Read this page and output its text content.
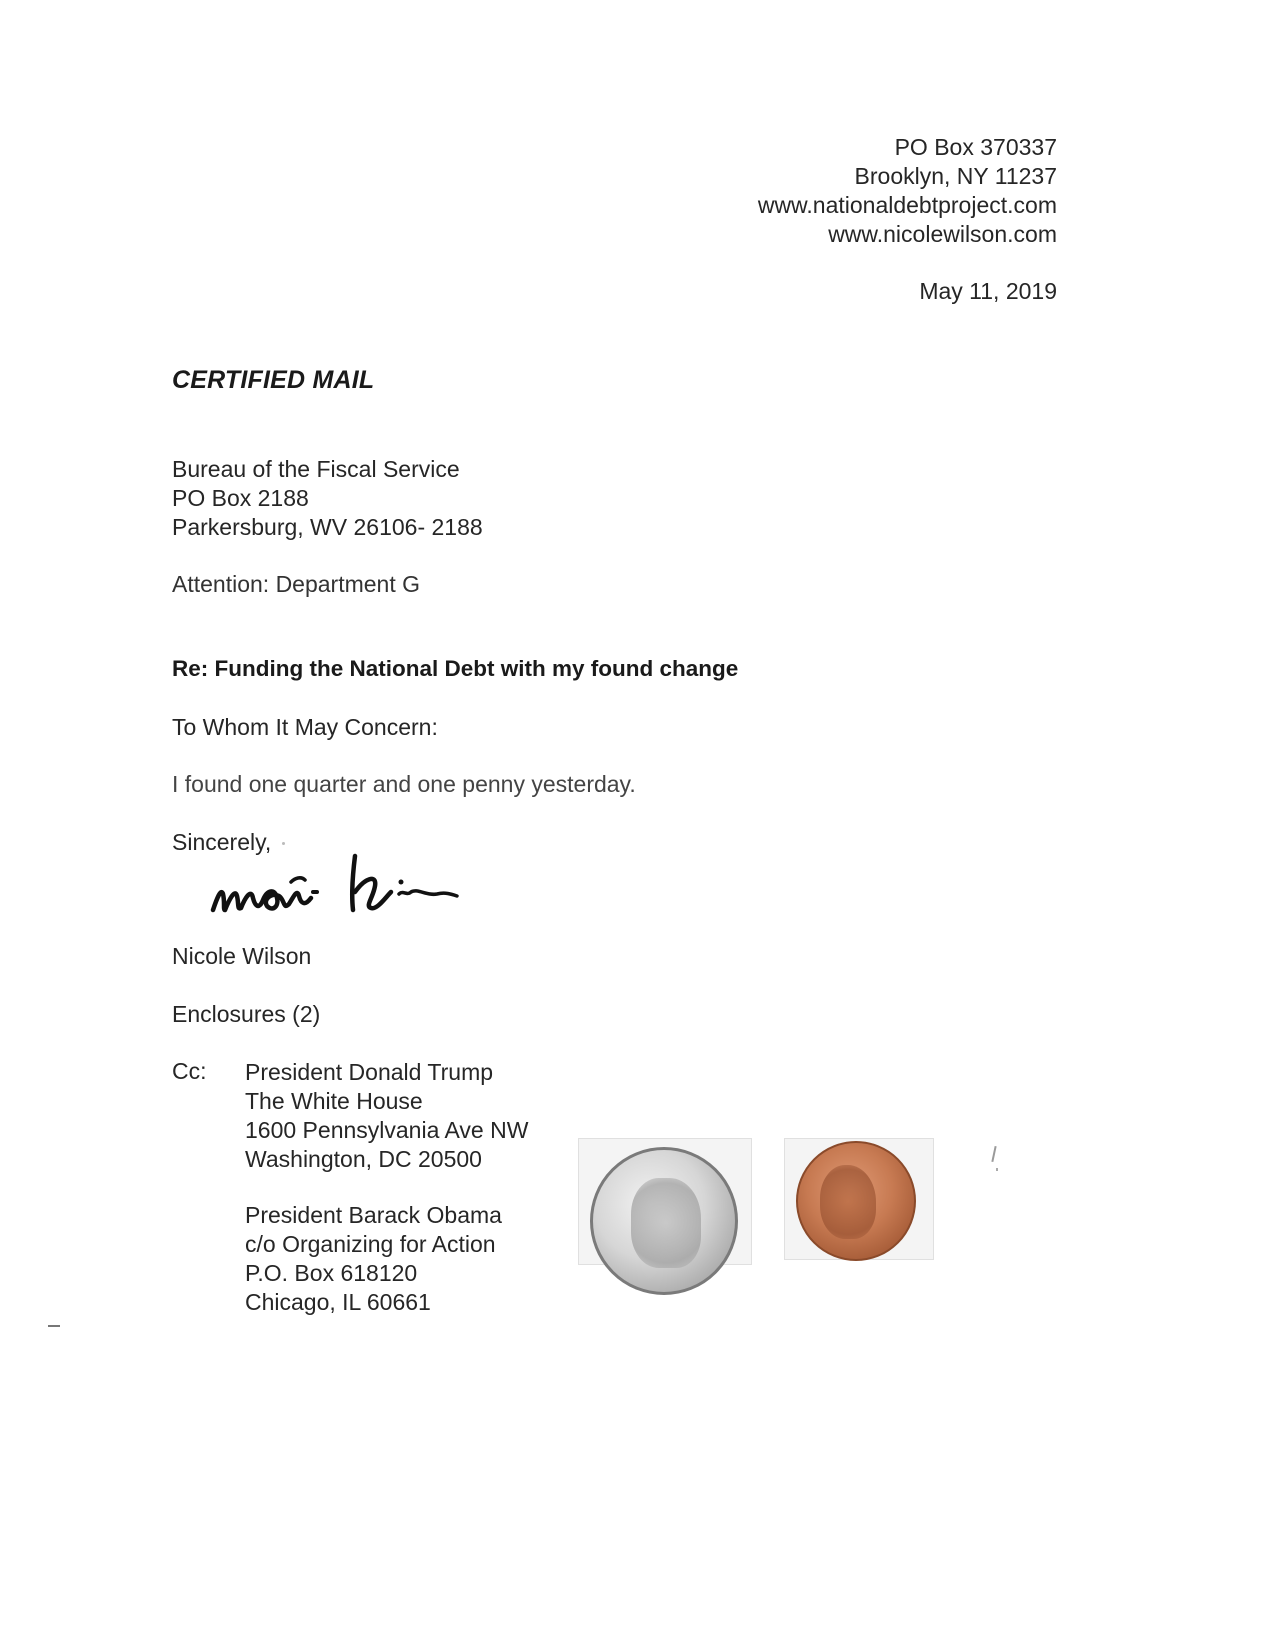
PO Box 370337
Brooklyn, NY 11237
www.nationaldebtproject.com
www.nicolewilson.com
May 11, 2019
CERTIFIED MAIL
Bureau of the Fiscal Service
PO Box 2188
Parkersburg, WV 26106- 2188
Attention: Department G
Re: Funding the National Debt with my found change
To Whom It May Concern:
I found one quarter and one penny yesterday.
Sincerely,
Nicole Wilson
Enclosures (2)
Cc: President Donald Trump
The White House
1600 Pennsylvania Ave NW
Washington, DC 20500
President Barack Obama
c/o Organizing for Action
P.O. Box 618120
Chicago, IL 60661
